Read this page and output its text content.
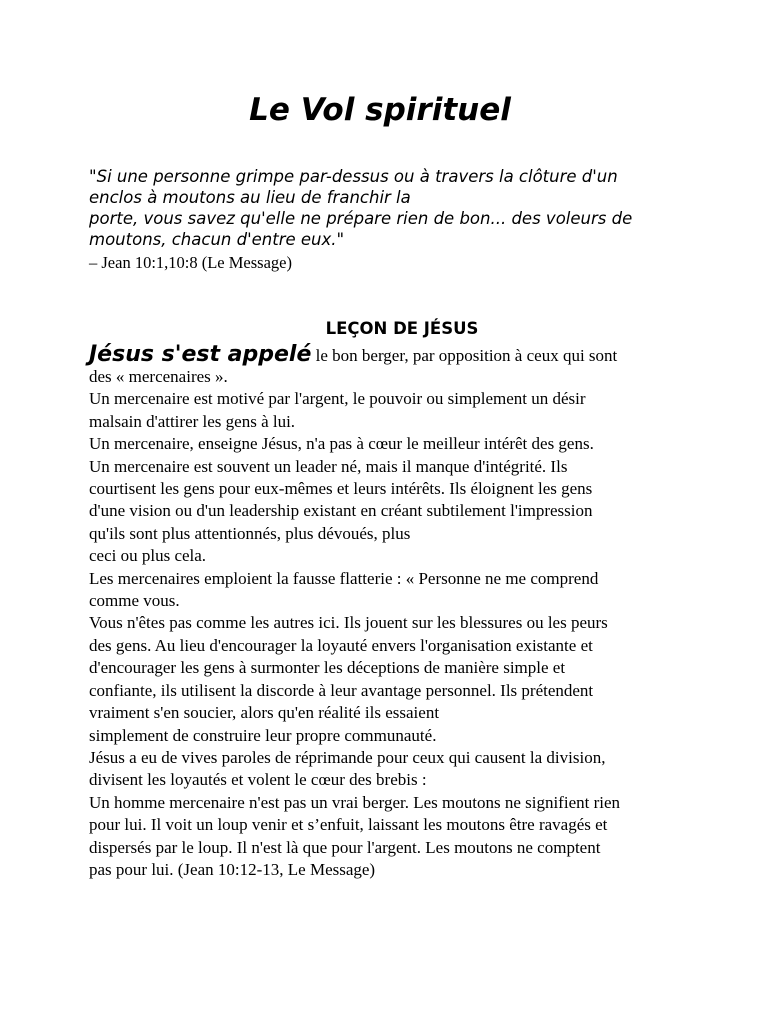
Le Vol spirituel
"Si une personne grimpe par-dessus ou à travers la clôture d'un
enclos à moutons au lieu de franchir la
porte, vous savez qu'elle ne prépare rien de bon... des voleurs de
moutons, chacun d'entre eux."
– Jean 10:1,10:8 (Le Message)
LEÇON DE JÉSUS
Jésus s'est appelé le bon berger, par opposition à ceux qui sont
des « mercenaires ».
Un mercenaire est motivé par l'argent, le pouvoir ou simplement un désir
malsain d'attirer les gens à lui.
Un mercenaire, enseigne Jésus, n'a pas à cœur le meilleur intérêt des gens.
Un mercenaire est souvent un leader né, mais il manque d'intégrité. Ils
courtisent les gens pour eux-mêmes et leurs intérêts. Ils éloignent les gens
d'une vision ou d'un leadership existant en créant subtilement l'impression
qu'ils sont plus attentionnés, plus dévoués, plus
ceci ou plus cela.
Les mercenaires emploient la fausse flatterie : « Personne ne me comprend
comme vous.
Vous n'êtes pas comme les autres ici. Ils jouent sur les blessures ou les peurs
des gens. Au lieu d'encourager la loyauté envers l'organisation existante et
d'encourager les gens à surmonter les déceptions de manière simple et
confiante, ils utilisent la discorde à leur avantage personnel. Ils prétendent
vraiment s'en soucier, alors qu'en réalité ils essaient
simplement de construire leur propre communauté.
Jésus a eu de vives paroles de réprimande pour ceux qui causent la division,
divisent les loyautés et volent le cœur des brebis :
Un homme mercenaire n'est pas un vrai berger. Les moutons ne signifient rien
pour lui. Il voit un loup venir et s’enfuit, laissant les moutons être ravagés et
dispersés par le loup. Il n'est là que pour l'argent. Les moutons ne comptent
pas pour lui. (Jean 10:12-13, Le Message)
